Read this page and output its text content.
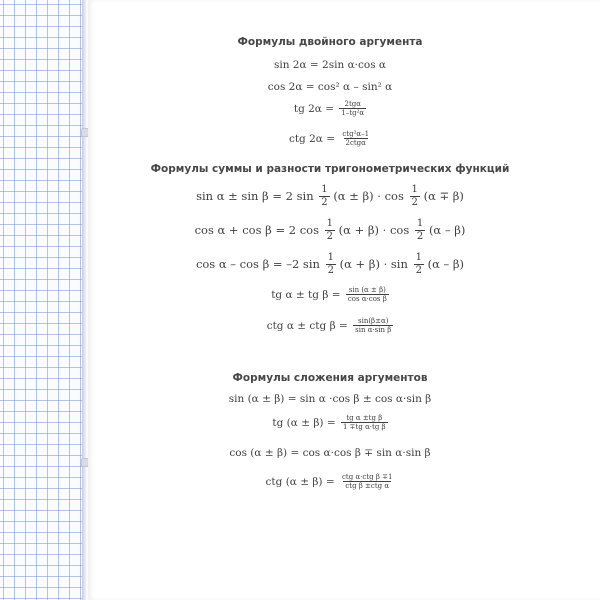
Формулы двойного аргумента
sin 2α = 2sin α·cos α
cos 2α = cos² α – sin² α
tg $2\alpha = \frac{\text{2tgα}}{\text{1–tg²α}}$
ctg $2\alpha = \frac{\text{ctg²α–1}}{\text{2ctgα}}$
Формулы суммы и разности тригонометрических функций
sin α ± sin β = 2 $\sin \frac{1}{2} (\alpha \pm \beta) \cdot \cos \frac{1}{2} (\alpha \mp \beta)$
cos α + cos β = 2 $\cos \frac{1}{2} (\alpha + \beta) \cdot \cos \frac{1}{2} (\alpha - \beta)$
cos α – cos β = –2 $\sin \frac{1}{2} (\alpha + \beta) \cdot \sin \frac{1}{2} (\alpha - \beta)$
tg α ± tg $\beta = \frac{\sin (\alpha \pm \beta)}{\text{cos α·cos β}}$
ctg α ± ctg $\beta = \frac{\sin(\beta\pm\alpha)}{\text{sin α·sin β}}$
Формулы сложения аргументов
sin (α ± β) = sin α ·cos β ± cos α·sin β
tg $(\alpha \pm \beta) = \frac{\text{tg α ±tg β}}{\text{1 ∓tg α·tg β}}$
cos (α ± β) = cos α·cos β ∓ sin α·sin β
ctg $(\alpha \pm \beta) = \frac{\text{ctg α·ctg β ∓1}}{\text{ctg β ±ctg α}}$
